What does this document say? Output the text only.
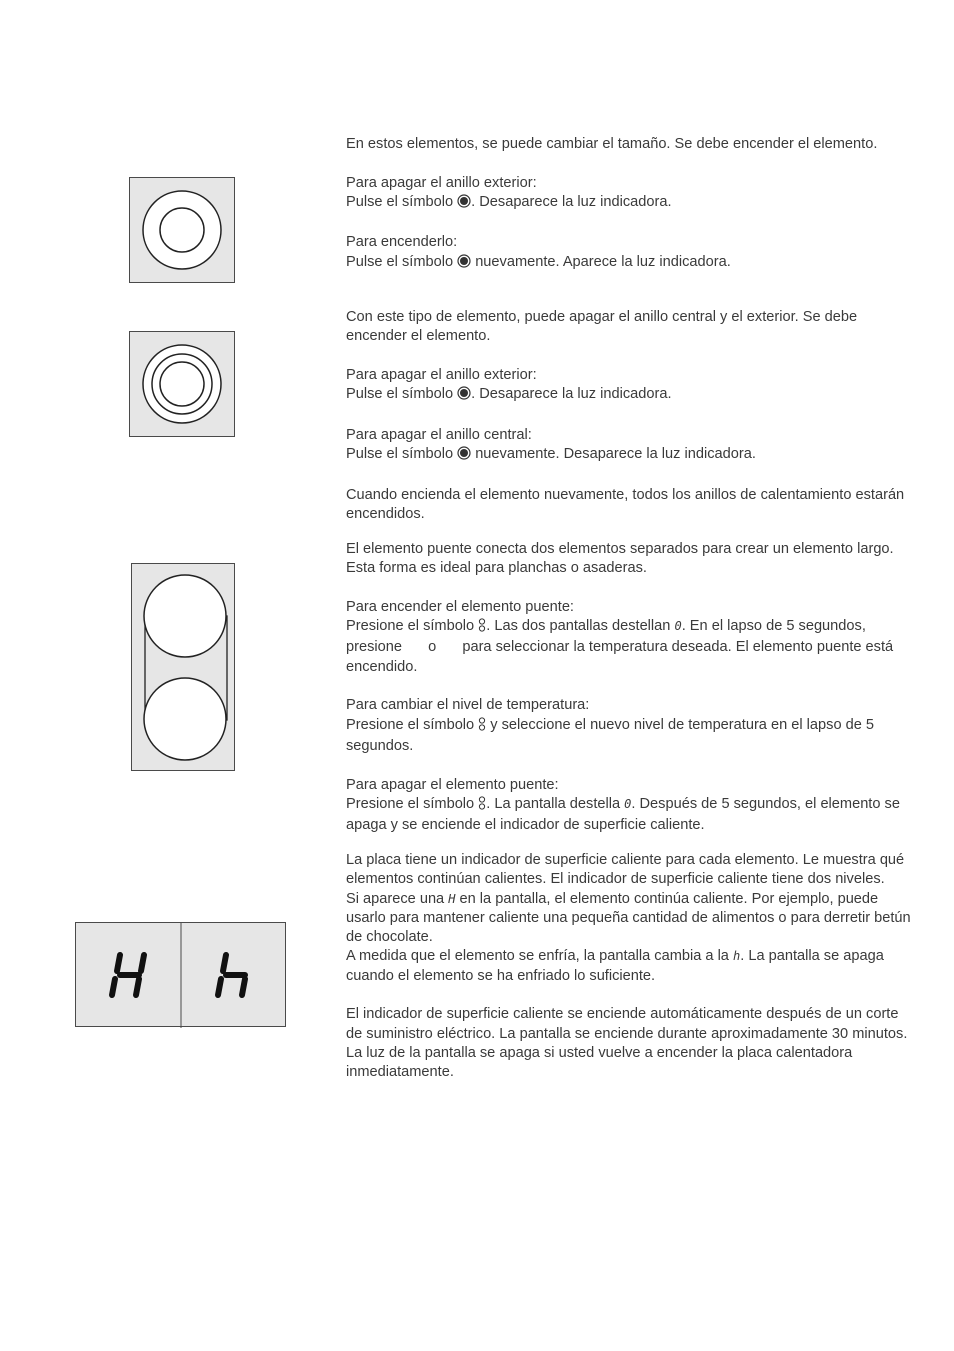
En estos elementos, se puede cambiar el tamaño. Se debe encender el elemento.

Para apagar el anillo exterior:

Pulse el símbolo . Desaparece la luz indicadora.

Para encenderlo:

Pulse el símbolo  nuevamente. Aparece la luz indicadora.

Con este tipo de elemento, puede apagar el anillo central y el exterior. Se debe encender el elemento.

Para apagar el anillo exterior:

Pulse el símbolo . Desaparece la luz indicadora.

Para apagar el anillo central:

Pulse el símbolo  nuevamente. Desaparece la luz indicadora.

Cuando encienda el elemento nuevamente, todos los anillos de calentamiento estarán encendidos.

El elemento puente conecta dos elementos separados para crear un elemento largo. Esta forma es ideal para planchas o asaderas.

Para encender el elemento puente:

Presione el símbolo . Las dos pantallas destellan 0. En el lapso de 5 segundos, presione  o  para seleccionar la temperatura deseada. El elemento puente está encendido.

Para cambiar el nivel de temperatura:

Presione el símbolo  y seleccione el nuevo nivel de temperatura en el lapso de 5 segundos.

Para apagar el elemento puente:

Presione el símbolo . La pantalla destella 0. Después de 5 segundos, el elemento se apaga y se enciende el indicador de superficie caliente.

La placa tiene un indicador de superficie caliente para cada elemento. Le muestra qué elementos continúan calientes. El indicador de superficie caliente tiene dos niveles.

Si aparece una H en la pantalla, el elemento continúa caliente. Por ejemplo, puede usarlo para mantener caliente una pequeña cantidad de alimentos o para derretir betún de chocolate.

A medida que el elemento se enfría, la pantalla cambia a la h. La pantalla se apaga cuando el elemento se ha enfriado lo suficiente.

El indicador de superficie caliente se enciende automáticamente después de un corte de suministro eléctrico. La pantalla se enciende durante aproximadamente 30 minutos. La luz de la pantalla se apaga si usted vuelve a encender la placa calentadora inmediatamente.
